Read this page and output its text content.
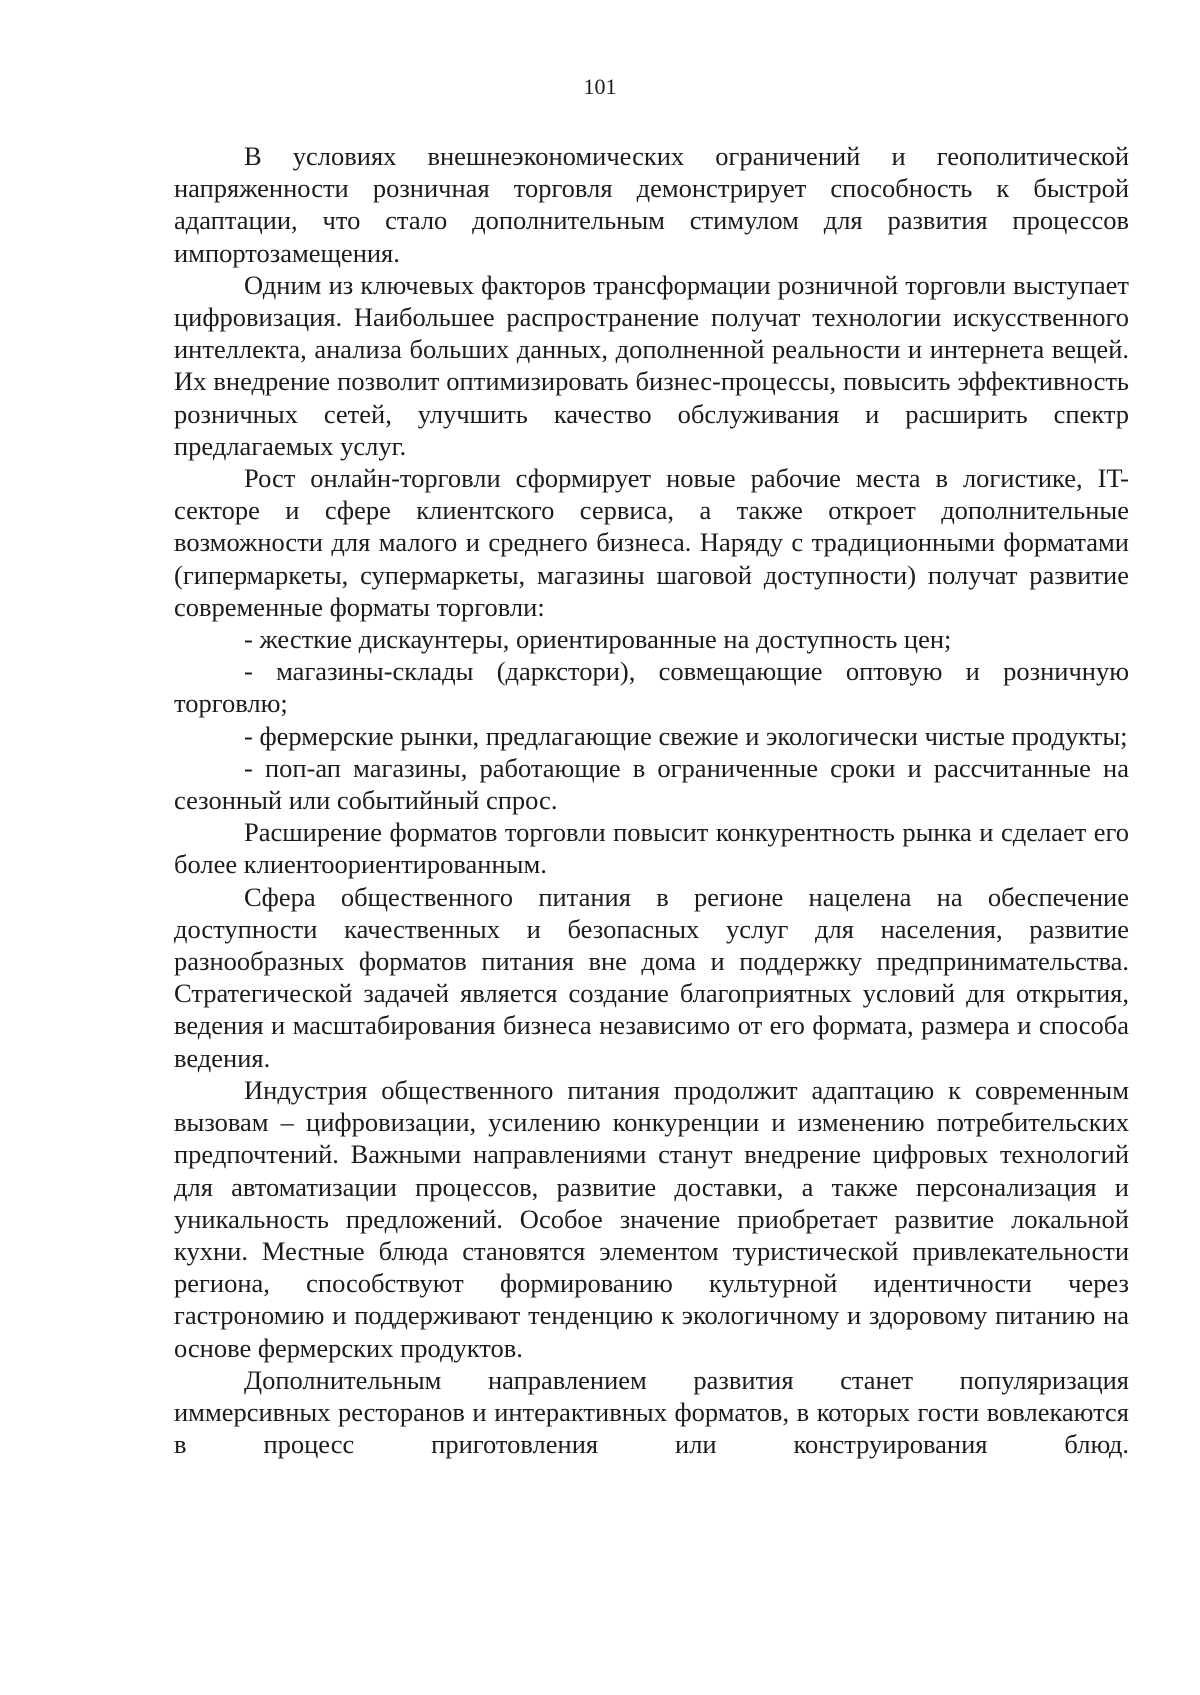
101

В условиях внешнеэкономических ограничений и геополитической напряженности розничная торговля демонстрирует способность к быстрой адаптации, что стало дополнительным стимулом для развития процессов импортозамещения.

Одним из ключевых факторов трансформации розничной торговли выступает цифровизация. Наибольшее распространение получат технологии искусственного интеллекта, анализа больших данных, дополненной реальности и интернета вещей. Их внедрение позволит оптимизировать бизнес-процессы, повысить эффективность розничных сетей, улучшить качество обслуживания и расширить спектр предлагаемых услуг.

Рост онлайн-торговли сформирует новые рабочие места в логистике, IT-секторе и сфере клиентского сервиса, а также откроет дополнительные возможности для малого и среднего бизнеса. Наряду с традиционными форматами (гипермаркеты, супермаркеты, магазины шаговой доступности) получат развитие современные форматы торговли:

- жесткие дискаунтеры, ориентированные на доступность цен;

- магазины-склады (даркстори), совмещающие оптовую и розничную торговлю;

- фермерские рынки, предлагающие свежие и экологически чистые продукты;

- поп-ап магазины, работающие в ограниченные сроки и рассчитанные на сезонный или событийный спрос.

Расширение форматов торговли повысит конкурентность рынка и сделает его более клиентоориентированным.

Сфера общественного питания в регионе нацелена на обеспечение доступности качественных и безопасных услуг для населения, развитие разнообразных форматов питания вне дома и поддержку предпринимательства. Стратегической задачей является создание благоприятных условий для открытия, ведения и масштабирования бизнеса независимо от его формата, размера и способа ведения.

Индустрия общественного питания продолжит адаптацию к современным вызовам – цифровизации, усилению конкуренции и изменению потребительских предпочтений. Важными направлениями станут внедрение цифровых технологий для автоматизации процессов, развитие доставки, а также персонализация и уникальность предложений. Особое значение приобретает развитие локальной кухни. Местные блюда становятся элементом туристической привлекательности региона, способствуют формированию культурной идентичности через гастрономию и поддерживают тенденцию к экологичному и здоровому питанию на основе фермерских продуктов.

Дополнительным направлением развития станет популяризация иммерсивных ресторанов и интерактивных форматов, в которых гости вовлекаются в процесс приготовления или конструирования блюд.
